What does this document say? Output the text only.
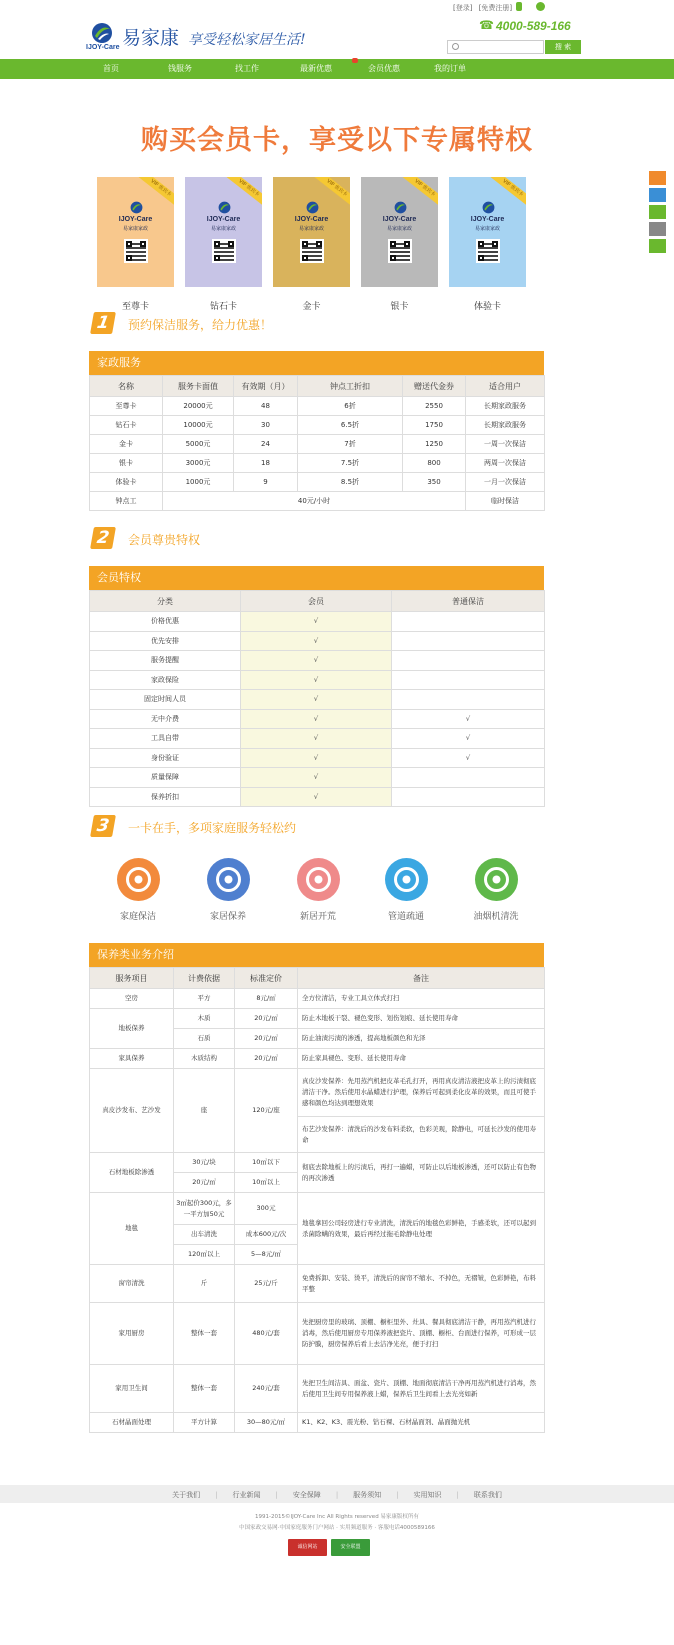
[登录] [免费注册]
IJOY-Care 易家康 享受轻松家居生活!
☎ 4000-589-166
搜 索
首页	钱服务	找工作	最新优惠	会员优惠	我的订单
购买会员卡，享受以下专属特权
VIP 贵宾卡
IJOY-Care
易家康家政
至尊卡
VIP 贵宾卡
IJOY-Care
易家康家政
钻石卡
VIP 贵宾卡
IJOY-Care
易家康家政
金卡
VIP 贵宾卡
IJOY-Care
易家康家政
银卡
VIP 贵宾卡
IJOY-Care
易家康家政
体验卡
1	预约保洁服务，给力优惠！
家政服务
名称	服务卡面值	有效期（月）	钟点工折扣	赠送代金券	适合用户
至尊卡	20000元	48	6折	2550	长期家政服务
钻石卡	10000元	30	6.5折	1750	长期家政服务
金卡	5000元	24	7折	1250	一周一次保洁
银卡	3000元	18	7.5折	800	两周一次保洁
体验卡	1000元	9	8.5折	350	一月一次保洁
钟点工	40元/小时				临时保洁
2	会员尊贵特权
会员特权
分类	会员	普通保洁
价格优惠	√	
优先安排	√	
服务提醒	√	
家政保险	√	
固定时间人员	√	
无中介费	√	√
工具自带	√	√
身份验证	√	√
质量保障	√	
保养折扣	√	
3	一卡在手，多项家庭服务轻松约
家庭保洁	家居保养	新居开荒	管道疏通	油烟机清洗
保养类业务介绍
服务项目	计费依据	标准定价	备注
空房	平方	8元/㎡	全方位清洁，专业工具立体式打扫
地板保养	木质	20元/㎡	防止木地板干裂、褪色变形、划伤划痕、延长使用寿命
	石质	20元/㎡	防止油渍污渍的渗透，提高地板颜色和光泽
家具保养	木质结构	20元/㎡	防止家具褪色、变形、延长使用寿命
真皮沙发布、艺沙发	座	120元/座	真皮沙发保养：先用蒸汽机把皮革毛孔打开，再用真皮清洁液把皮革上的污渍彻底清洁干净。然后使用水晶蜡进行护理，保养后可起到柔化皮革的效果，而且可使手感和颜色均达到理想效果
			布艺沙发保养：清洗后的沙发布料柔软，色彩美观，除静电，可延长沙发的使用寿命
石材地板除渗透	30元/块	10㎡以下	彻底去除地板上的污渍后，再打一遍蜡，可防止以后地板渗透，还可以防止有色物的再次渗透
	20元/㎡	10㎡以上	
地毯	3㎡起价300元，多一平方加50元	300元	地毯拿回公司轻房进行专业清洗，清洗后的地毯色彩鲜艳，手感柔软，还可以起到杀菌除螨的效果，最后再经过拖毛除静电处理
	出车清洗	成本600元/次	
	120㎡以上	5—8元/㎡	
窗帘清洗	斤	25元/斤	免费拆卸、安装、烫平，清洗后的窗帘不缩水、不掉色，无褶皱，色彩鲜艳，布料平整
家用厨房	整体一套	480元/套	先把厨房里的玻璃、顶棚、橱柜里外、灶具、餐具彻底清洁干静，再用蒸汽机进行消毒，然后使用厨房专用保养液把瓷片、顶棚、橱柜、台面进行保养，可形成一层防护膜，厨房保养后看上去洁净光亮，便于打扫
家用卫生间	整体一套	240元/套	先把卫生间洁具、面盆、瓷片、顶棚、地面彻底清洁干净再用蒸汽机进行消毒，然后使用卫生间专用保养液上蜡，保养后卫生间看上去光亮如新
石材晶面处理	平方计算	30—80元/㎡	K1、K2、K3、震光粉、钻石裸、石材晶面剂、晶面抛光机
关于我们 | 行业新闻 | 安全保障 | 服务须知 | 实用知识 | 联系我们
1991-2015©IJOY-Care Inc All Rights reserved 易家康版权所有
中国家政交易网·中国家庭服务门户网站 · 实用频道服务 · 客服电话4000589166
诚信网站	安全联盟
